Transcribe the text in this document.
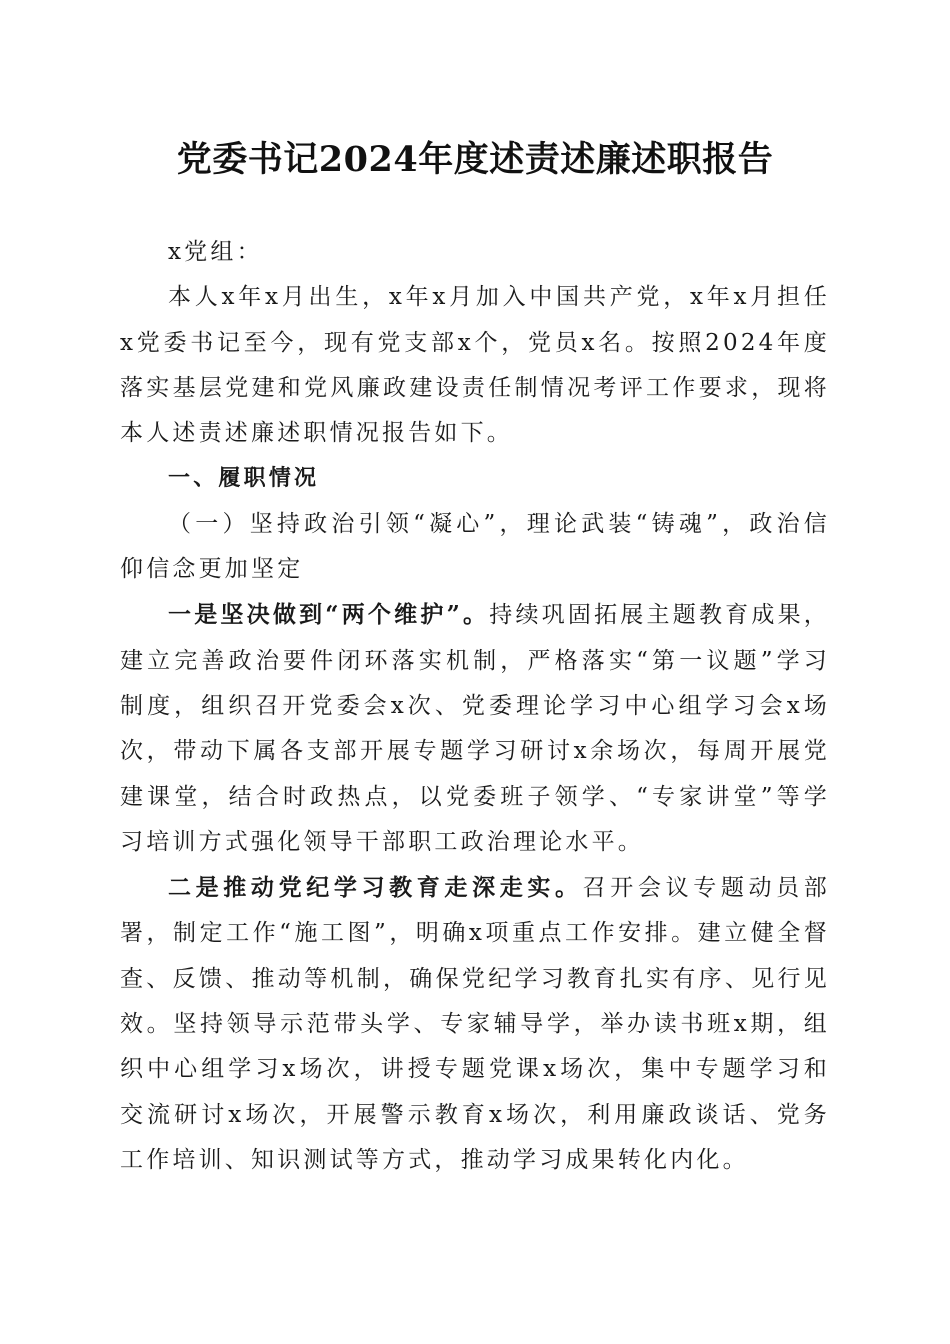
党委书记2024年度述责述廉述职报告

x党组：

本人x年x月出生，x年x月加入中国共产党，x年x月担任x党委书记至今，现有党支部x个，党员x名。按照2024年度落实基层党建和党风廉政建设责任制情况考评工作要求，现将本人述责述廉述职情况报告如下。

一、履职情况

（一）坚持政治引领“凝心”，理论武装“铸魂”，政治信仰信念更加坚定

一是坚决做到“两个维护”。持续巩固拓展主题教育成果，建立完善政治要件闭环落实机制，严格落实“第一议题”学习制度，组织召开党委会x次、党委理论学习中心组学习会x场次，带动下属各支部开展专题学习研讨x余场次，每周开展党建课堂，结合时政热点，以党委班子领学、“专家讲堂”等学习培训方式强化领导干部职工政治理论水平。

二是推动党纪学习教育走深走实。召开会议专题动员部署，制定工作“施工图”，明确x项重点工作安排。建立健全督查、反馈、推动等机制，确保党纪学习教育扎实有序、见行见效。坚持领导示范带头学、专家辅导学，举办读书班x期，组织中心组学习x场次，讲授专题党课x场次，集中专题学习和交流研讨x场次，开展警示教育x场次，利用廉政谈话、党务工作培训、知识测试等方式，推动学习成果转化内化。
